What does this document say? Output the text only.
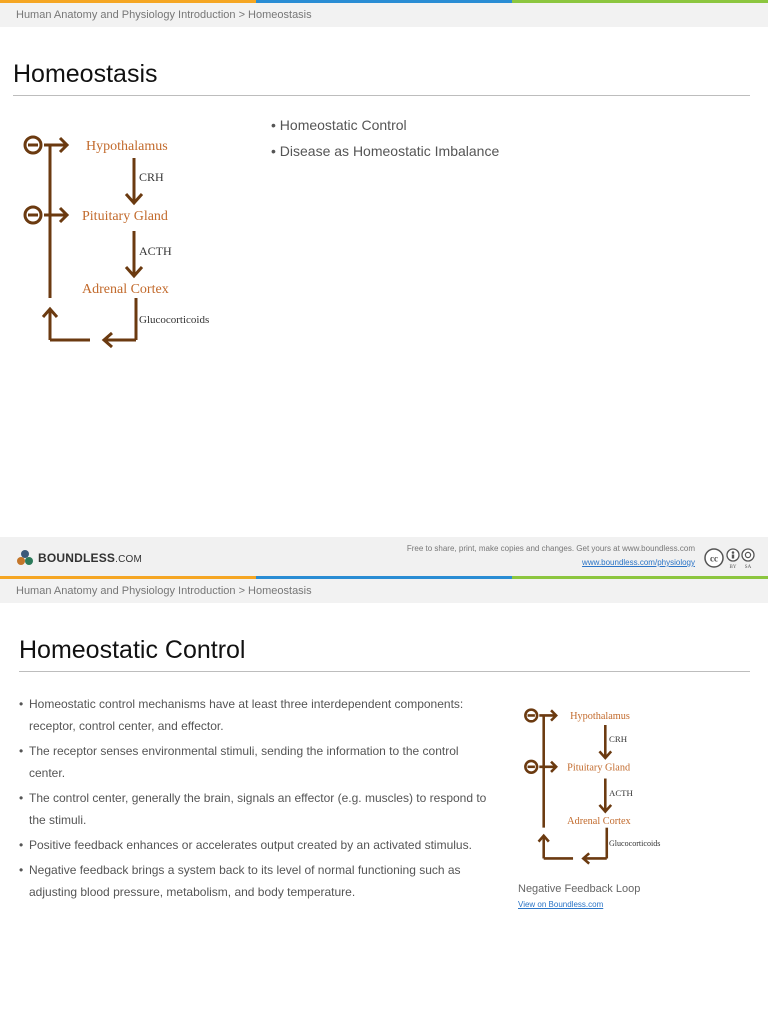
Human Anatomy and Physiology Introduction > Homeostasis
Homeostasis
Hypothalamus
CRH
Pituitary Gland
ACTH
Adrenal Cortex
Glucocorticoids
• Homeostatic Control
• Disease as Homeostatic Imbalance
BOUNDLESS.COM
Free to share, print, make copies and changes. Get yours at www.boundless.com
www.boundless.com/physiology cc
BY SA
Human Anatomy and Physiology Introduction > Homeostasis
Homeostatic Control
• Homeostatic control mechanisms have at least three interdependent components: receptor, control center, and effector.
• The receptor senses environmental stimuli, sending the information to the control center.
• The control center, generally the brain, signals an effector (e.g. muscles) to respond to the stimuli.
• Positive feedback enhances or accelerates output created by an activated stimulus.
• Negative feedback brings a system back to its level of normal functioning such as adjusting blood pressure, metabolism, and body temperature.
Hypothalamus
CRH
Pituitary Gland
ACTH
Adrenal Cortex
Glucocorticoids
Negative Feedback Loop
View on Boundless.com
